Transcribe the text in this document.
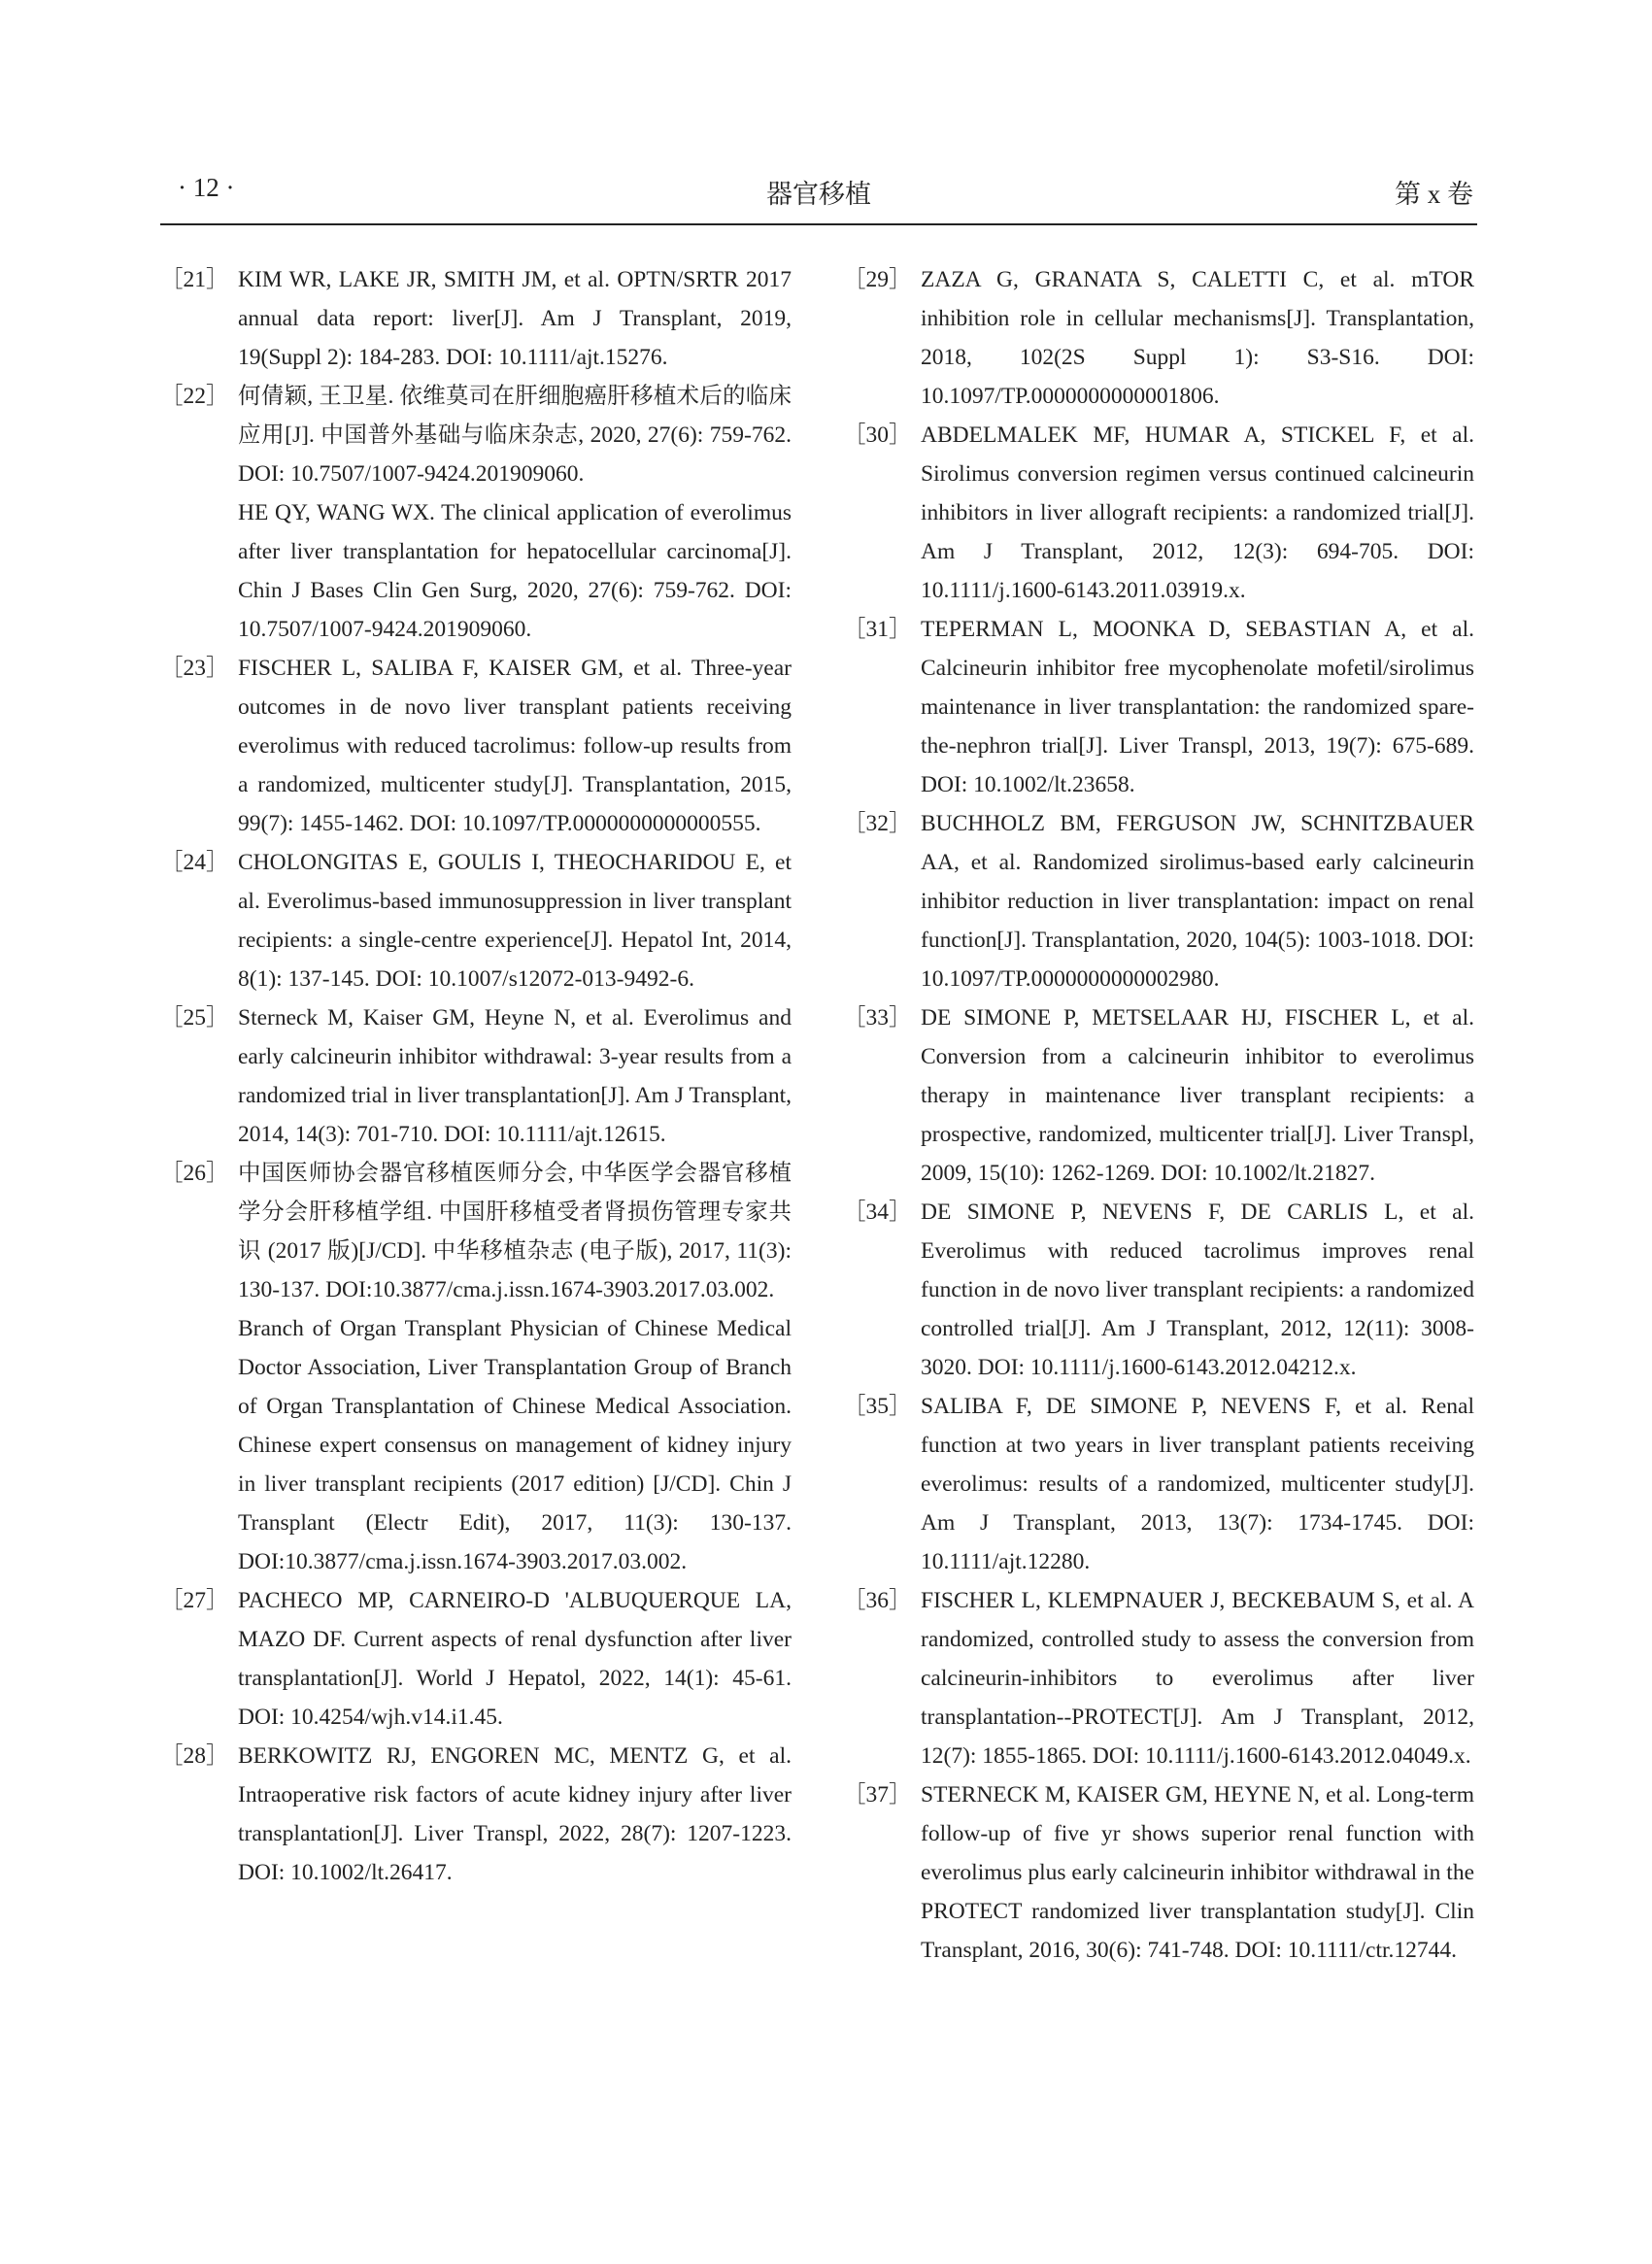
· 12 ·	器官移植	第 x 卷
［21］ KIM WR, LAKE JR, SMITH JM, et al. OPTN/SRTR 2017 annual data report: liver[J]. Am J Transplant, 2019, 19(Suppl 2): 184-283. DOI: 10.1111/ajt.15276.
［22］ 何倩颖, 王卫星. 依维莫司在肝细胞癌肝移植术后的临床应用[J]. 中国普外基础与临床杂志, 2020, 27(6): 759-762. DOI: 10.7507/1007-9424.201909060.
HE QY, WANG WX. The clinical application of everolimus after liver transplantation for hepatocellular carcinoma[J]. Chin J Bases Clin Gen Surg, 2020, 27(6): 759-762. DOI: 10.7507/1007-9424.201909060.
［23］ FISCHER L, SALIBA F, KAISER GM, et al. Three-year outcomes in de novo liver transplant patients receiving everolimus with reduced tacrolimus: follow-up results from a randomized, multicenter study[J]. Transplantation, 2015, 99(7): 1455-1462. DOI: 10.1097/TP.0000000000000555.
［24］ CHOLONGITAS E, GOULIS I, THEOCHARIDOU E, et al. Everolimus-based immunosuppression in liver transplant recipients: a single-centre experience[J]. Hepatol Int, 2014, 8(1): 137-145. DOI: 10.1007/s12072-013-9492-6.
［25］ Sterneck M, Kaiser GM, Heyne N, et al. Everolimus and early calcineurin inhibitor withdrawal: 3-year results from a randomized trial in liver transplantation[J]. Am J Transplant, 2014, 14(3): 701-710. DOI: 10.1111/ajt.12615.
［26］ 中国医师协会器官移植医师分会, 中华医学会器官移植学分会肝移植学组. 中国肝移植受者肾损伤管理专家共识 (2017 版)[J/CD]. 中华移植杂志 (电子版), 2017, 11(3): 130-137. DOI:10.3877/cma.j.issn.1674-3903.2017.03.002.
Branch of Organ Transplant Physician of Chinese Medical Doctor Association, Liver Transplantation Group of Branch of Organ Transplantation of Chinese Medical Association. Chinese expert consensus on management of kidney injury in liver transplant recipients (2017 edition) [J/CD]. Chin J Transplant (Electr Edit), 2017, 11(3): 130-137. DOI:10.3877/cma.j.issn.1674-3903.2017.03.002.
［27］ PACHECO MP, CARNEIRO-D 'ALBUQUERQUE LA, MAZO DF. Current aspects of renal dysfunction after liver transplantation[J]. World J Hepatol, 2022, 14(1): 45-61. DOI: 10.4254/wjh.v14.i1.45.
［28］ BERKOWITZ RJ, ENGOREN MC, MENTZ G, et al. Intraoperative risk factors of acute kidney injury after liver transplantation[J]. Liver Transpl, 2022, 28(7): 1207-1223. DOI: 10.1002/lt.26417.
［29］ ZAZA G, GRANATA S, CALETTI C, et al. mTOR inhibition role in cellular mechanisms[J]. Transplantation, 2018, 102(2S Suppl 1): S3-S16. DOI: 10.1097/TP.0000000000001806.
［30］ ABDELMALEK MF, HUMAR A, STICKEL F, et al. Sirolimus conversion regimen versus continued calcineurin inhibitors in liver allograft recipients: a randomized trial[J]. Am J Transplant, 2012, 12(3): 694-705. DOI: 10.1111/j.1600-6143.2011.03919.x.
［31］ TEPERMAN L, MOONKA D, SEBASTIAN A, et al. Calcineurin inhibitor free mycophenolate mofetil/sirolimus maintenance in liver transplantation: the randomized spare-the-nephron trial[J]. Liver Transpl, 2013, 19(7): 675-689. DOI: 10.1002/lt.23658.
［32］ BUCHHOLZ BM, FERGUSON JW, SCHNITZBAUER AA, et al. Randomized sirolimus-based early calcineurin inhibitor reduction in liver transplantation: impact on renal function[J]. Transplantation, 2020, 104(5): 1003-1018. DOI: 10.1097/TP.0000000000002980.
［33］ DE SIMONE P, METSELAAR HJ, FISCHER L, et al. Conversion from a calcineurin inhibitor to everolimus therapy in maintenance liver transplant recipients: a prospective, randomized, multicenter trial[J]. Liver Transpl, 2009, 15(10): 1262-1269. DOI: 10.1002/lt.21827.
［34］ DE SIMONE P, NEVENS F, DE CARLIS L, et al. Everolimus with reduced tacrolimus improves renal function in de novo liver transplant recipients: a randomized controlled trial[J]. Am J Transplant, 2012, 12(11): 3008-3020. DOI: 10.1111/j.1600-6143.2012.04212.x.
［35］ SALIBA F, DE SIMONE P, NEVENS F, et al. Renal function at two years in liver transplant patients receiving everolimus: results of a randomized, multicenter study[J]. Am J Transplant, 2013, 13(7): 1734-1745. DOI: 10.1111/ajt.12280.
［36］ FISCHER L, KLEMPNAUER J, BECKEBAUM S, et al. A randomized, controlled study to assess the conversion from calcineurin-inhibitors to everolimus after liver transplantation--PROTECT[J]. Am J Transplant, 2012, 12(7): 1855-1865. DOI: 10.1111/j.1600-6143.2012.04049.x.
［37］ STERNECK M, KAISER GM, HEYNE N, et al. Long-term follow-up of five yr shows superior renal function with everolimus plus early calcineurin inhibitor withdrawal in the PROTECT randomized liver transplantation study[J]. Clin Transplant, 2016, 30(6): 741-748. DOI: 10.1111/ctr.12744.
